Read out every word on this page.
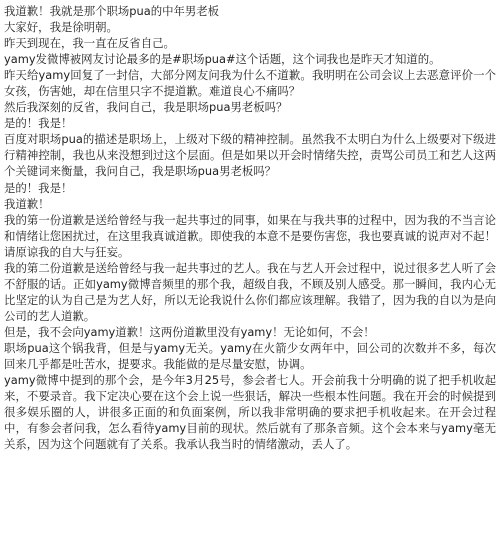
我道歉！我就是那个职场pua的中年男老板

大家好，我是徐明朝。

昨天到现在，我一直在反省自己。

yamy发微博被网友讨论最多的是#职场pua#这个话题，这个词我也是昨天才知道的。

昨天给yamy回复了一封信，大部分网友问我为什么不道歉。我明明在公司会议上去恶意评价一个女孩，伤害她，却在信里只字不提道歉。难道良心不痛吗？

然后我深刻的反省，我问自己，我是职场pua男老板吗？

是的！我是！

百度对职场pua的描述是职场上，上级对下级的精神控制。虽然我不太明白为什么上级要对下级进行精神控制，我也从来没想到过这个层面。但是如果以开会时情绪失控，责骂公司员工和艺人这两个关键词来衡量，我问自己，我是职场pua男老板吗？

是的！我是！

我道歉！

我的第一份道歉是送给曾经与我一起共事过的同事，如果在与我共事的过程中，因为我的不当言论和情绪让您困扰过，在这里我真诚道歉。即使我的本意不是要伤害您，我也要真诚的说声对不起！请原谅我的自大与狂妄。

我的第二份道歉是送给曾经与我一起共事过的艺人。我在与艺人开会过程中，说过很多艺人听了会不舒服的话。正如yamy微博音频里的那个我，超级自我，不顾及别人感受。那一瞬间，我内心无比坚定的认为自己是为艺人好，所以无论我说什么你们都应该理解。我错了，因为我的自以为是向公司的艺人道歉。

但是，我不会向yamy道歉！这两份道歉里没有yamy！无论如何，不会！

职场pua这个锅我背，但是与yamy无关。yamy在火箭少女两年中，回公司的次数并不多，每次回来几乎都是吐苦水，提要求。我能做的是尽量安慰，协调。

yamy微博中提到的那个会，是今年3月25号，参会者七人。开会前我十分明确的说了把手机收起来，不要录音。我下定决心要在这个会上说一些狠话，解决一些根本性问题。我在开会的时候提到很多娱乐圈的人，讲很多正面的和负面案例，所以我非常明确的要求把手机收起来。在开会过程中，有参会者问我，怎么看待yamy目前的现状。然后就有了那条音频。这个会本来与yamy毫无关系，因为这个问题就有了关系。我承认我当时的情绪激动，丢人了。
